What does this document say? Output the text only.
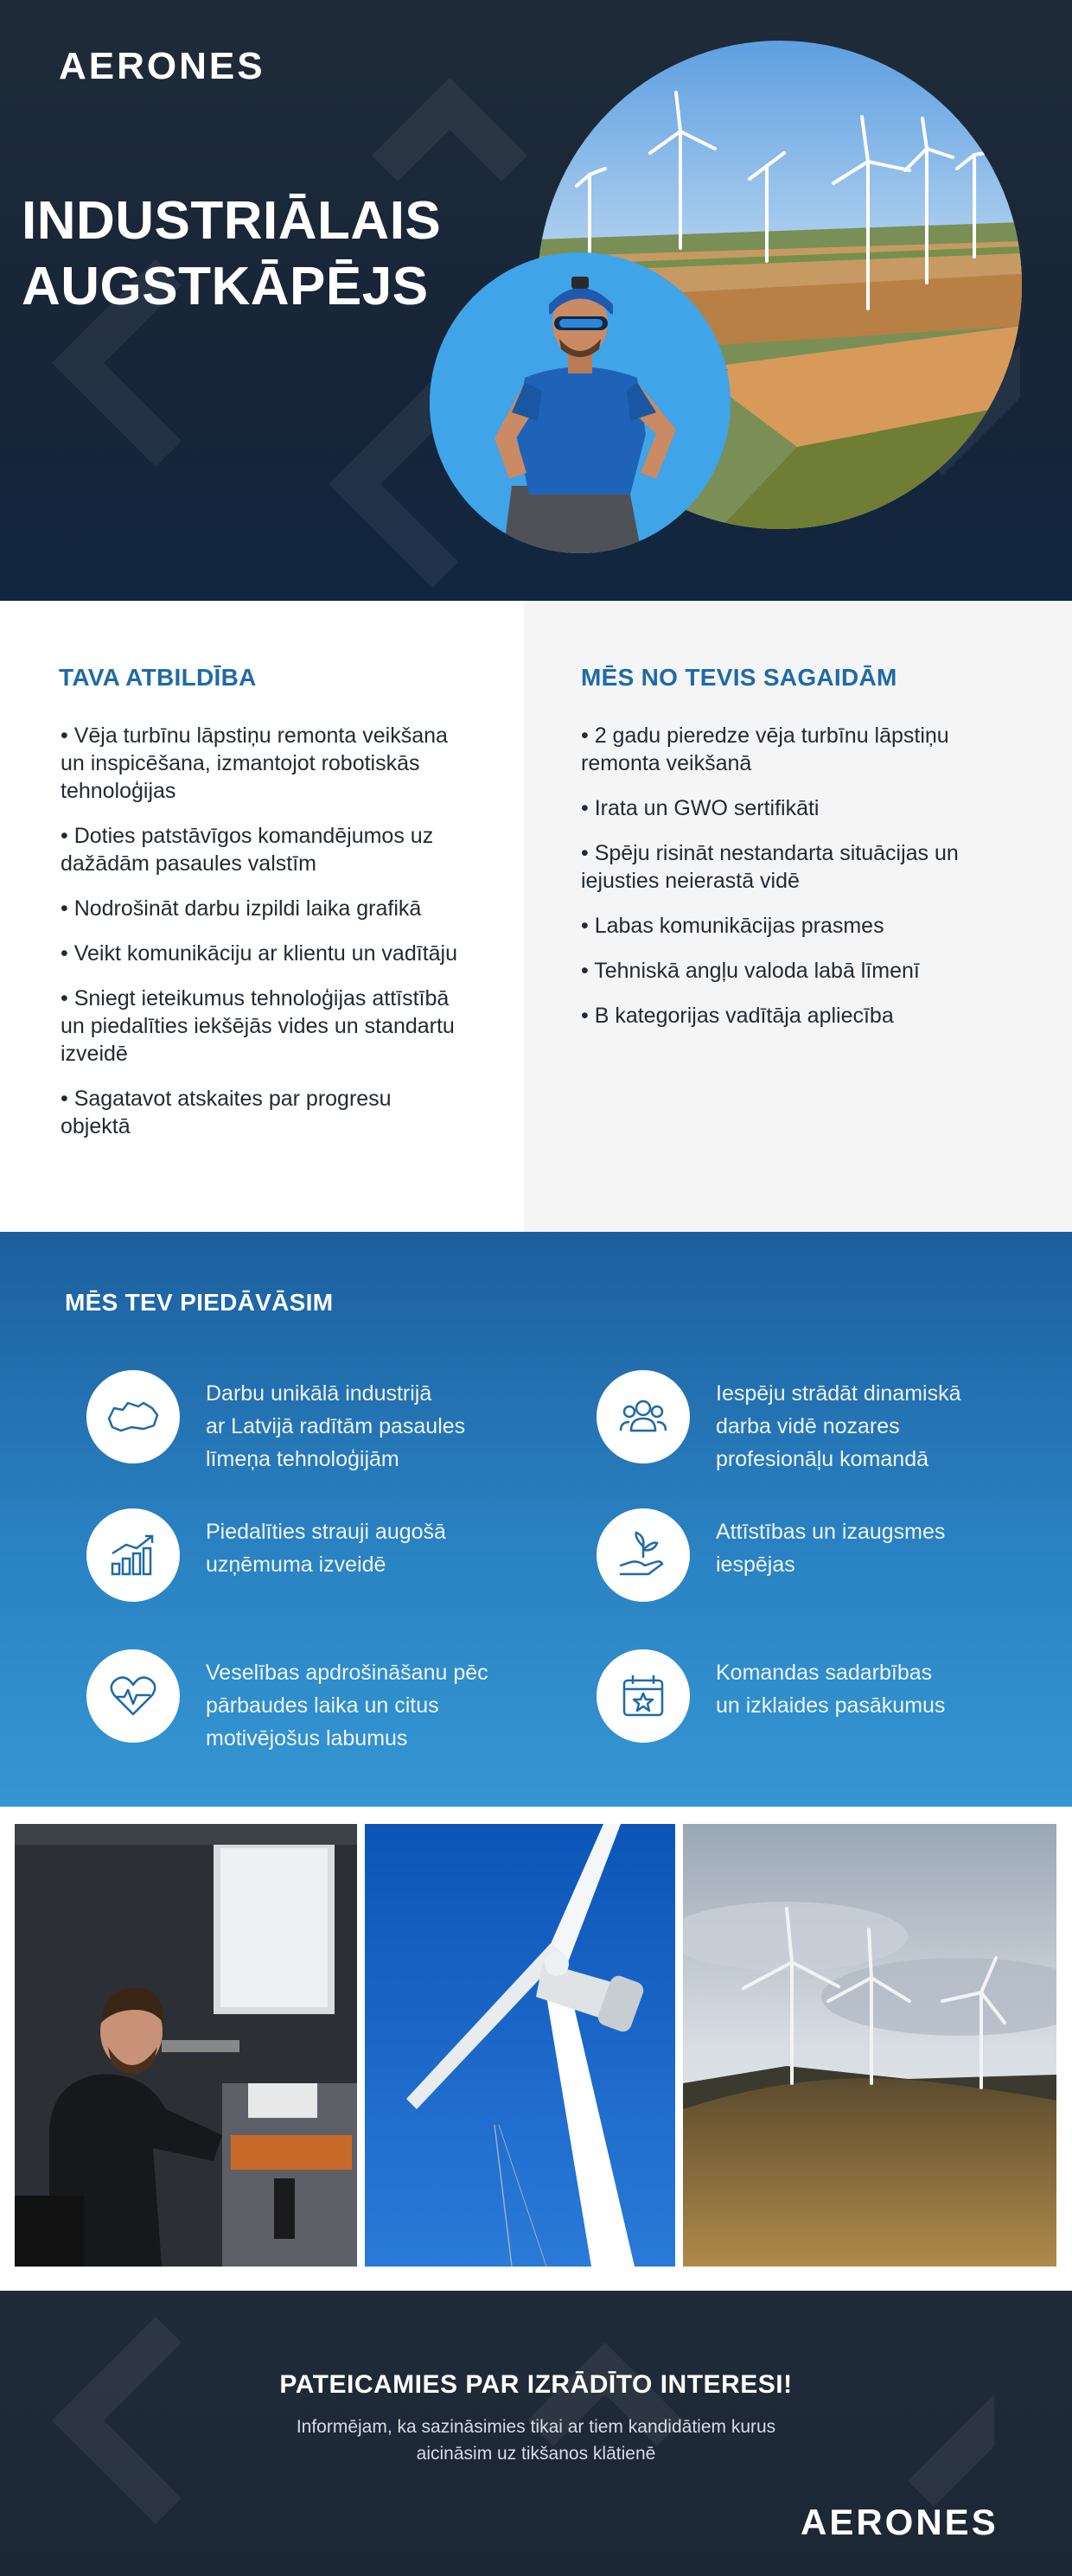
AERONES
INDUSTRIĀLAIS
AUGSTKĀPĒJS
TAVA ATBILDĪBA
• Vēja turbīnu lāpstiņu remonta veikšana un inspicēšana, izmantojot robotiskās tehnoloģijas
• Doties patstāvīgos komandējumos uz dažādām pasaules valstīm
• Nodrošināt darbu izpildi laika grafikā
• Veikt komunikāciju ar klientu un vadītāju
• Sniegt ieteikumus tehnoloģijas attīstībā un piedalīties iekšējās vides un standartu izveidē
• Sagatavot atskaites par progresu objektā
MĒS NO TEVIS SAGAIDĀM
• 2 gadu pieredze vēja turbīnu lāpstiņu remonta veikšanā
• Irata un GWO sertifikāti
• Spēju risināt nestandarta situācijas un iejusties neierastā vidē
• Labas komunikācijas prasmes
• Tehniskā angļu valoda labā līmenī
• B kategorijas vadītāja apliecība
MĒS TEV PIEDĀVĀSIM
Darbu unikālā industrijā
ar Latvijā radītām pasaules
līmeņa tehnoloģijām
Iespēju strādāt dinamiskā
darba vidē nozares
profesionāļu komandā
Piedalīties strauji augošā
uzņēmuma izveidē
Attīstības un izaugsmes
iespējas
Veselības apdrošināšanu pēc
pārbaudes laika un citus
motivējošus labumus
Komandas sadarbības
un izklaides pasākumus
PATEICAMIES PAR IZRĀDĪTO INTERESI!

Informējam, ka sazināsimies tikai ar tiem kandidātiem kurus
aicināsim uz tikšanos klātienē

AERONES
